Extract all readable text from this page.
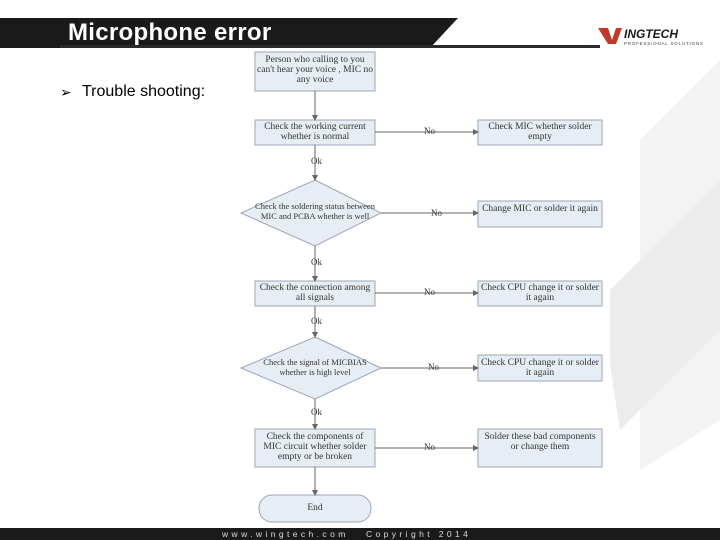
Microphone error	INGTECH
PROFESSIONAL SOLUTIONS
➢ Trouble shooting:
Person who calling to you can't hear your voice , MIC no any voice
Check the working current whether is normal
Check MIC whether solder empty
Check the soldering status between MIC and PCBA whether is well
Change MIC or solder it again
Check the connection among all signals
Check CPU change it or solder it again
Check the signal of MICBIAS whether is high level
Check CPU change it or solder it again
Check the components of MIC circuit whether solder empty or be broken
Solder these bad components or change them
End
Ok
Ok
Ok
Ok
No
No
No
No
No
www.wingtech.com Copyright 2014
